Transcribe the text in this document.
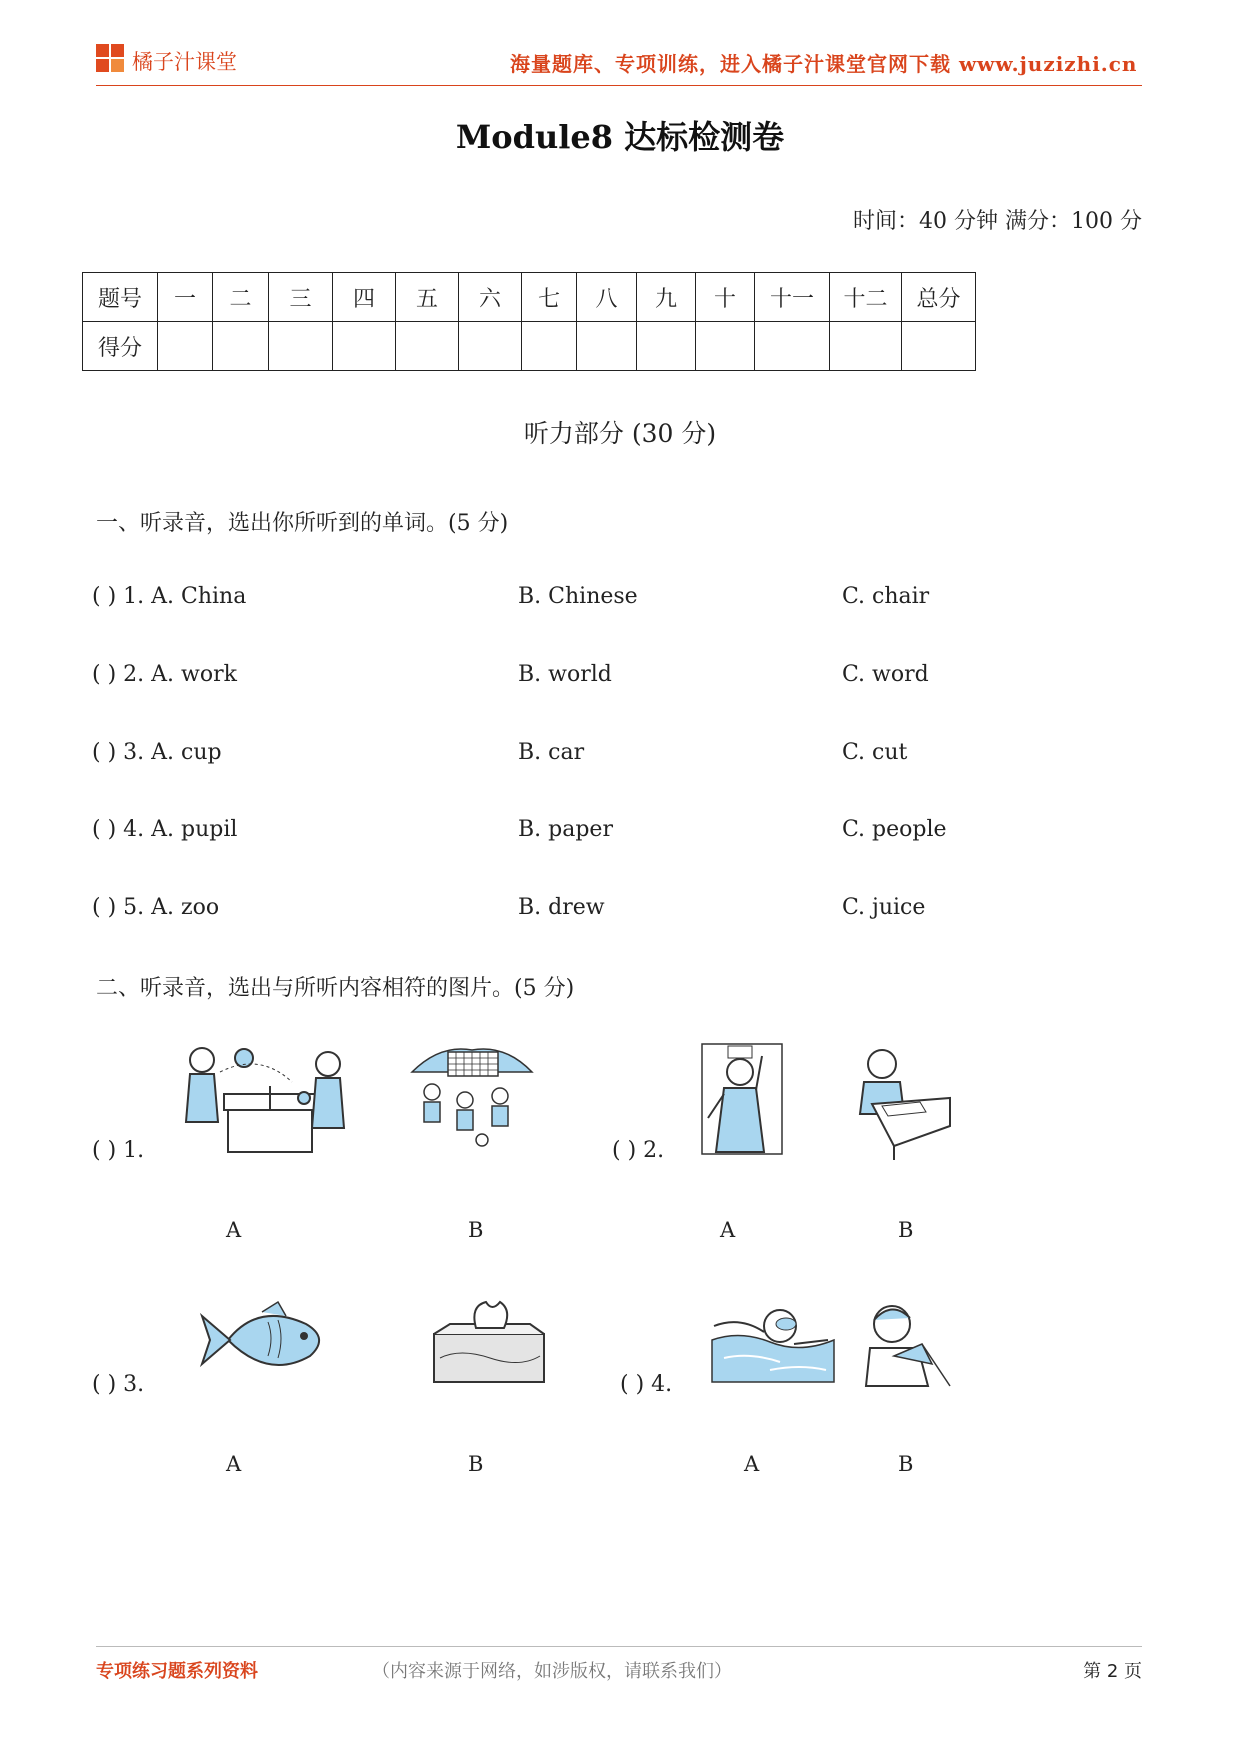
橘子汁课堂	海量题库、专项训练，进入橘子汁课堂官网下载 www.juzizhi.cn
Module8 达标检测卷
时间：40 分钟 满分：100 分
题号	一	二	三	四	五	六	七	八	九	十	十一	十二	总分
得分													
听力部分 (30 分)
一、听录音，选出你所听到的单词。(5 分)
( ) 1. A. China	B. Chinese	C. chair
( ) 2. A. work	B. world	C. word
( ) 3. A. cup	B. car	C. cut
( ) 4. A. pupil	B. paper	C. people
( ) 5. A. zoo	B. drew	C. juice
二、听录音，选出与所听内容相符的图片。(5 分)
( ) 1.
A	B
( ) 2.
A	B
( ) 3.
A	B
( ) 4.
A	B
专项练习题系列资料	（内容来源于网络，如涉版权，请联系我们）	第 2 页
